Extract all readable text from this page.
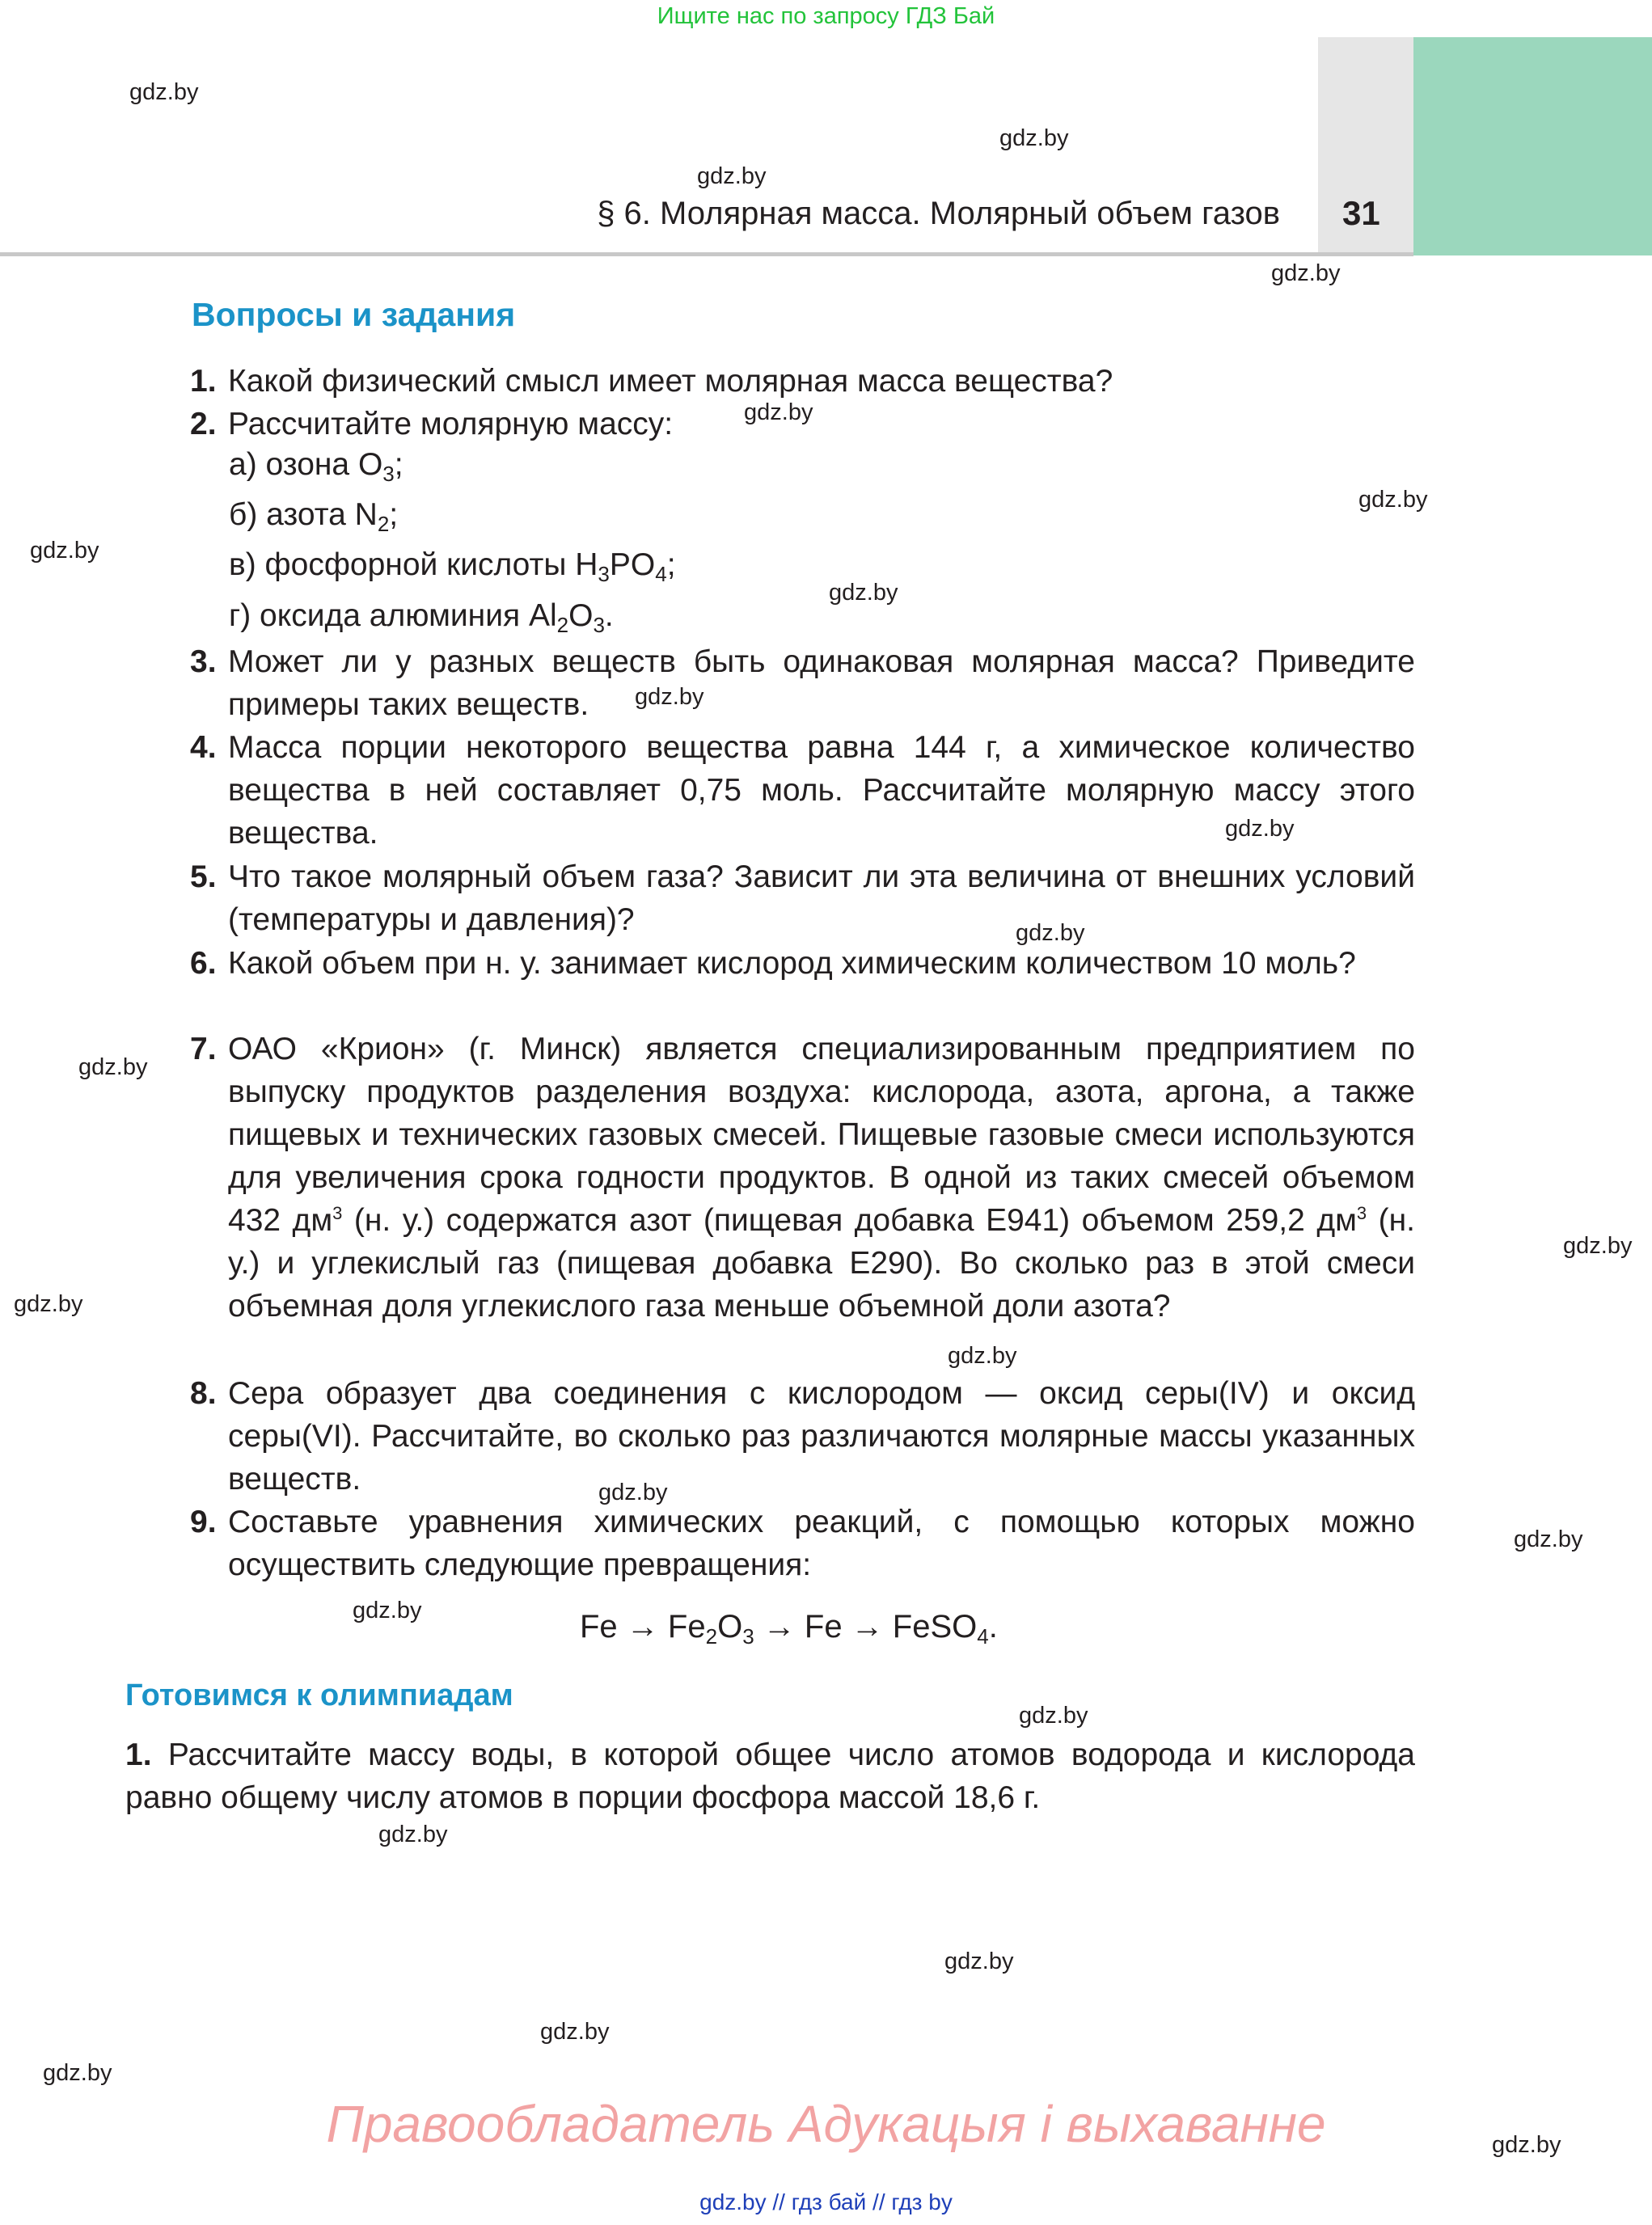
Ищите нас по запросу ГДЗ Бай
§ 6. Молярная масса. Молярный объем газов 31
gdz.by
gdz.by
gdz.by
gdz.by
gdz.by
gdz.by
gdz.by
gdz.by
gdz.by
gdz.by
gdz.by
gdz.by
gdz.by
gdz.by
gdz.by
gdz.by
gdz.by
gdz.by
gdz.by
gdz.by
gdz.by
gdz.by
gdz.by
gdz.by
Вопросы и задания
1. Какой физический смысл имеет молярная масса вещества?
2. Рассчитайте молярную массу:
а) озона $O_3$;
б) азота $N_2$;
в) фосфорной кислоты $H_3PO_4$;
г) оксида алюминия $Al_2O_3$.
3. Может ли у разных веществ быть одинаковая молярная масса? Приведите примеры таких веществ.
4. Масса порции некоторого вещества равна 144 г, а химическое количество вещества в ней составляет 0,75 моль. Рассчитайте молярную массу этого вещества.
5. Что такое молярный объем газа? Зависит ли эта величина от внешних условий (температуры и давления)?
6. Какой объем при н. у. занимает кислород химическим количеством 10 моль?
7. ОАО «Крион» (г. Минск) является специализированным предприятием по выпуску продуктов разделения воздуха: кислорода, азота, аргона, а также пищевых и технических газовых смесей. Пищевые газовые смеси используются для увеличения срока годности продуктов. В одной из таких смесей объемом 432 $дм^3$ (н. у.) содержатся азот (пищевая добавка Е941) объемом 259,2 $дм^3$ (н. у.) и углекислый газ (пищевая добавка Е290). Во сколько раз в этой смеси объемная доля углекислого газа меньше объемной доли азота?
8. Сера образует два соединения с кислородом — оксид серы(IV) и оксид серы(VI). Рассчитайте, во сколько раз различаются молярные массы указанных веществ.
9. Составьте уравнения химических реакций, с помощью которых можно осуществить следующие превращения:
$Fe \to Fe_2O_3 \to Fe$ → FeSO$_4$.
Готовимся к олимпиадам
1. Рассчитайте массу воды, в которой общее число атомов водорода и кислорода равно общему числу атомов в порции фосфора массой 18,6 г.
Правообладатель Адукацыя і выхаванне
gdz.by // гдз бай // гдз by
